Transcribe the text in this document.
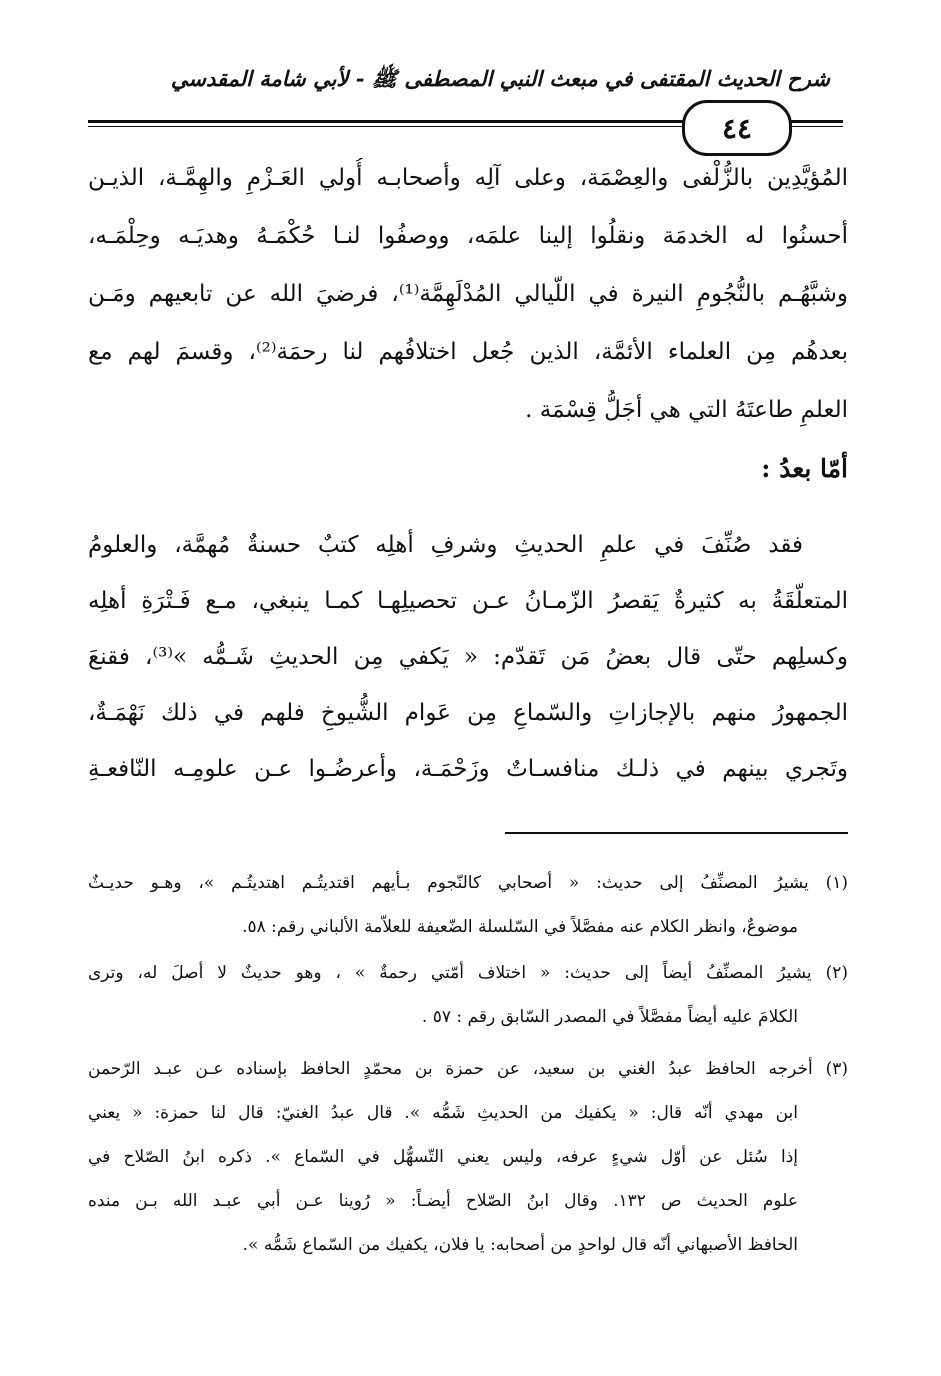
شرح الحديث المقتفى في مبعث النبي المصطفى ﷺ - لأبي شامة المقدسي
٤٤
المُؤيَّدِين بالزُّلْفى والعِصْمَة، وعلى آلِه وأصحابـه أُولي العَـزْمِ والهِمَّـة، الذيـن
أحسنُوا له الخدمَة ونقلُوا إلينا علمَه، ووصفُوا لنـا حُكْمَـهُ وهديَـه وحِلْمَـه،
وشبَّهُـم بالنُّجُومِ النيرة في اللّيالي المُدْلَهِمَّة⁽¹⁾، فرضيَ الله عن تابعيهم ومَـن
بعدهُم مِن العلماء الأئمَّة، الذين جُعل اختلافُهم لنا رحمَة⁽²⁾، وقسمَ لهم مع
العلمِ طاعتَهُ التي هي أجَلُّ قِسْمَة .
أمّا بعدُ :
فقد صُنِّفَ في علمِ الحديثِ وشرفِ أهلِه كتبٌ حسنةٌ مُهمَّة، والعلومُ
المتعلّقَةُ به كثيرةٌ يَقصرُ الزّمـانُ عـن تحصيلِهـا كمـا ينبغي، مـع فَـتْرَةِ أهلِه
وكسلِهم حتّى قال بعضُ مَن تَقدّم: « يَكفي مِن الحديثِ شَـمُّه »⁽³⁾، فقنعَ
الجمهورُ منهم بالإجازاتِ والسّماعِ مِن عَوام الشُّيوخِ فلهم في ذلك نَهْمَـةٌ،
وتَجري بينهم في ذلـك منافسـاتٌ وزَحْمَـة، وأعرضُـوا عـن علومِـه النّافعـةِ
(١) يشيرُ المصنِّفُ إلى حديث: « أصحابي كالنّجوم بـأيهم اقتديتُـم اهتديتُـم »، وهـو حديـثٌ
موضوعٌ، وانظر الكلام عنه مفصَّلاً في السّلسلة الضّعيفة للعلاّمة الألباني رقم: ٥٨.
(٢) يشيرُ المصنِّفُ أيضاً إلى حديث: « اختلاف أمّتي رحمةٌ » ، وهو حديثٌ لا أصلَ له، وترى
الكلامَ عليه أيضاً مفصَّلاً في المصدر السّابق رقم : ٥٧ .
(٣) أخرجه الحافظ عبدُ الغني بن سعيد، عن حمزة بن محمّدٍ الحافظ بإسناده عـن عبـد الرّحمن
ابن مهدي أنّه قال: « يكفيك من الحديثِ شَمُّه ». قال عبدُ الغنيّ: قال لنا حمزة: « يعني
إذا سُئل عن أوّل شيءٍ عرفه، وليس يعني التّسهُّل في السّماع ». ذكره ابنُ الصّلاح في
علوم الحديث ص ١٣٢. وقال ابنُ الصّلاح أيضـاً: « رُوينا عـن أبي عبـد الله بـن منده
الحافظ الأصبهاني أنّه قال لواحدٍ من أصحابه: يا فلان، يكفيك من السّماع شَمُّه ».
